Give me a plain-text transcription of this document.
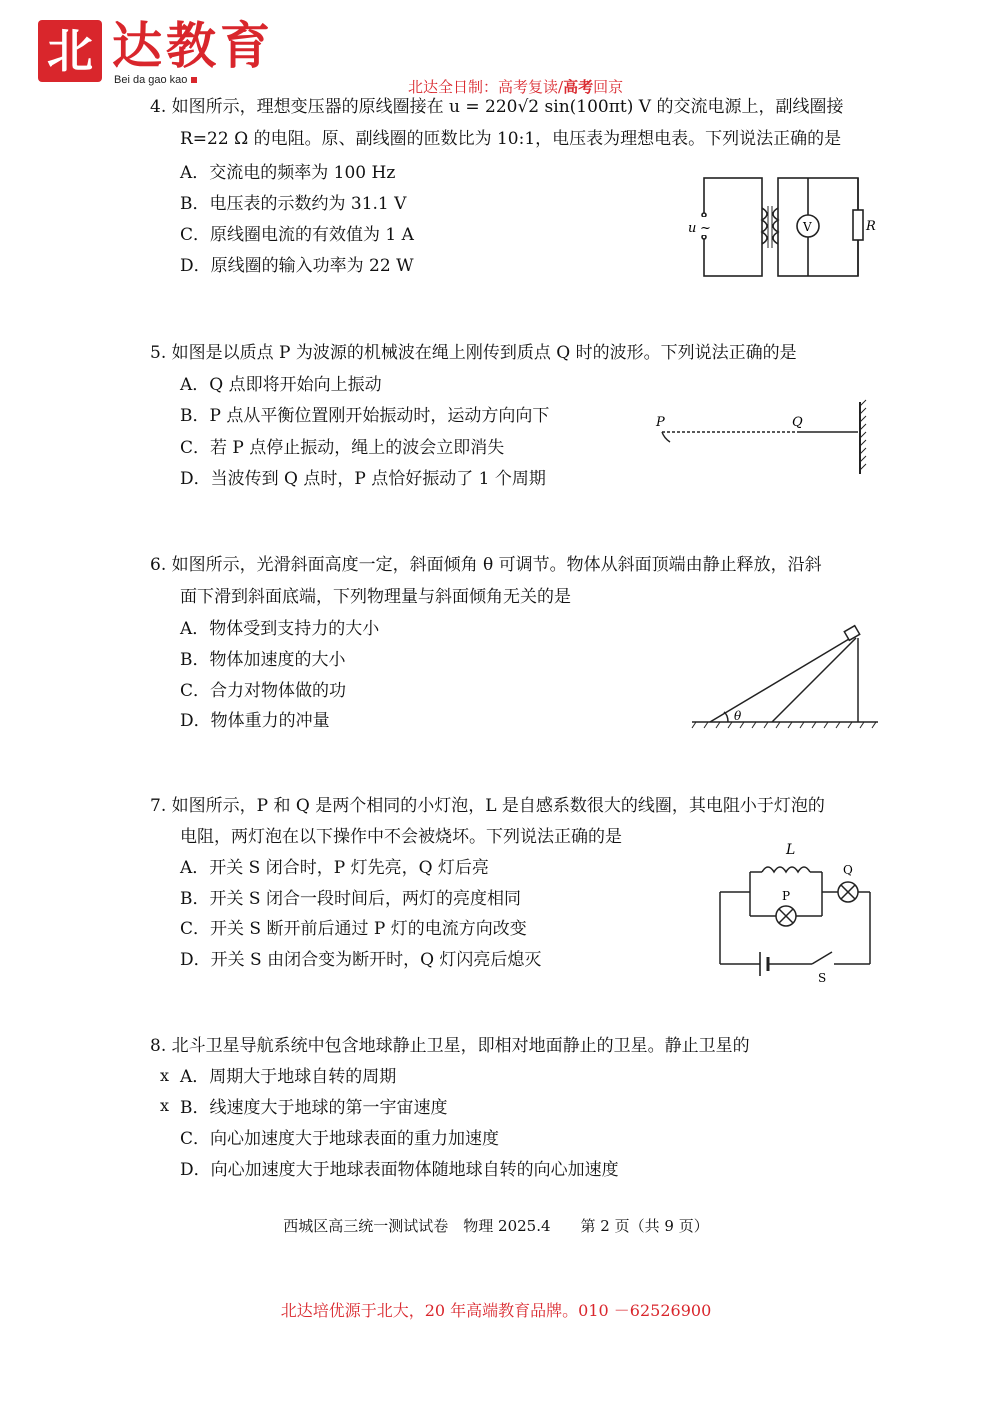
北 达教育
Bei da gao kao	北达全日制：高考复读/高考回京
4. 如图所示，理想变压器的原线圈接在 u = 220√2 sin(100πt) V 的交流电源上，副线圈接
R=22 Ω 的电阻。原、副线圈的匝数比为 10:1，电压表为理想电表。下列说法正确的是
A．交流电的频率为 100 Hz
B．电压表的示数约为 31.1 V
C．原线圈电流的有效值为 1 A
D．原线圈的输入功率为 22 W
u ~	V	R
5. 如图是以质点 P 为波源的机械波在绳上刚传到质点 Q 时的波形。下列说法正确的是
A．Q 点即将开始向上振动
B．P 点从平衡位置刚开始振动时，运动方向向下
C．若 P 点停止振动，绳上的波会立即消失
D．当波传到 Q 点时，P 点恰好振动了 1 个周期
P	Q
6. 如图所示，光滑斜面高度一定，斜面倾角 θ 可调节。物体从斜面顶端由静止释放，沿斜
面下滑到斜面底端，下列物理量与斜面倾角无关的是
A．物体受到支持力的大小
B．物体加速度的大小
C．合力对物体做的功
D．物体重力的冲量	θ
7. 如图所示，P 和 Q 是两个相同的小灯泡，L 是自感系数很大的线圈，其电阻小于灯泡的
电阻，两灯泡在以下操作中不会被烧坏。下列说法正确的是
A．开关 S 闭合时，P 灯先亮，Q 灯后亮
B．开关 S 闭合一段时间后，两灯的亮度相同
C．开关 S 断开前后通过 P 灯的电流方向改变
D．开关 S 由闭合变为断开时，Q 灯闪亮后熄灭
L
P
Q
S
8. 北斗卫星导航系统中包含地球静止卫星，即相对地面静止的卫星。静止卫星的
x
x
A．周期大于地球自转的周期
B．线速度大于地球的第一宇宙速度
C．向心加速度大于地球表面的重力加速度
D．向心加速度大于地球表面物体随地球自转的向心加速度
西城区高三统一测试试卷　物理 2025.4　　第 2 页（共 9 页）
北达培优源于北大，20 年高端教育品牌。010 －62526900
